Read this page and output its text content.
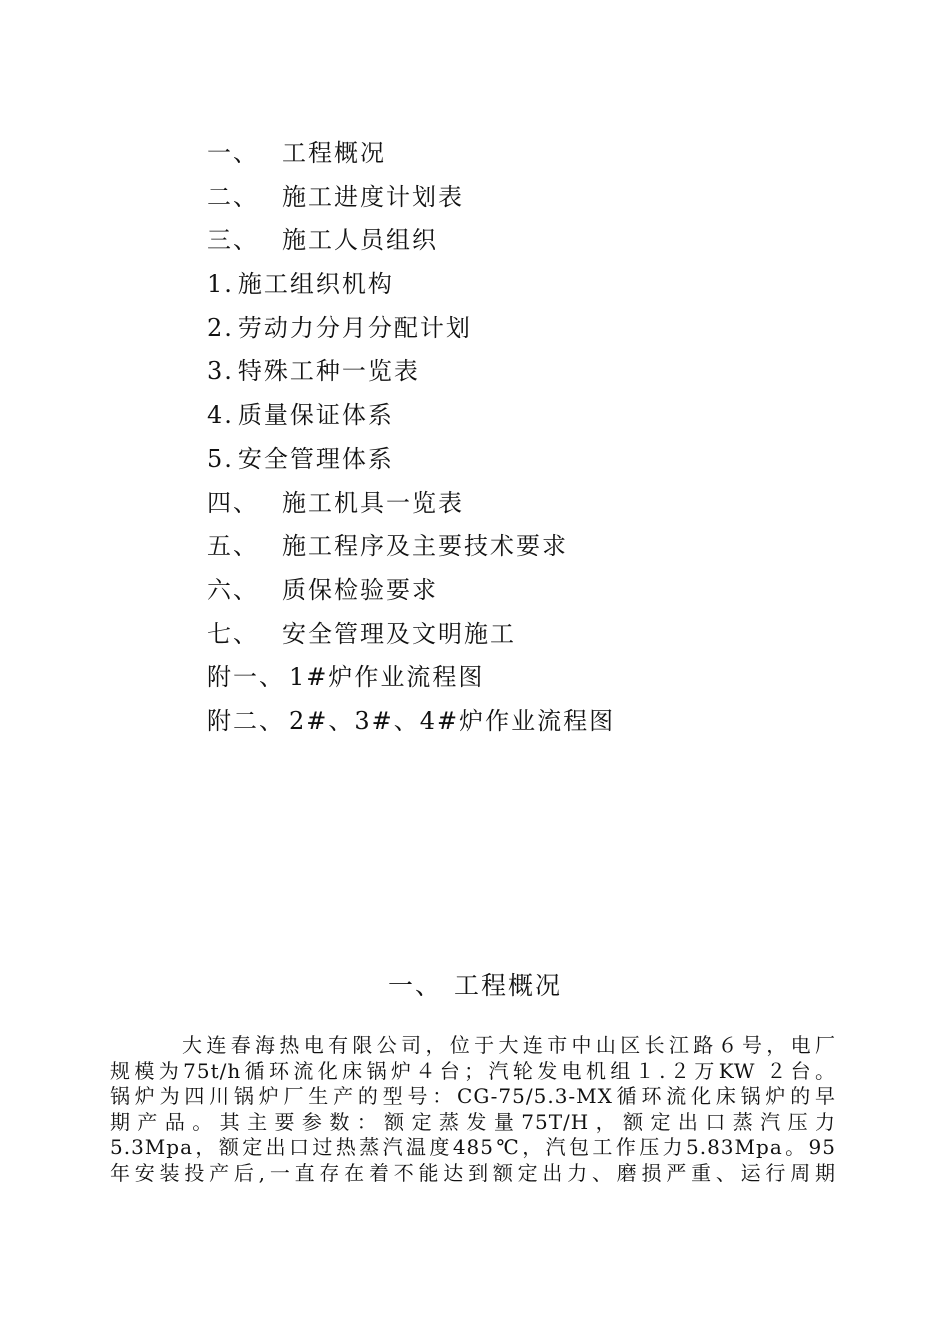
一、 工程概况
二、 施工进度计划表
三、 施工人员组织
1. 施工组织机构
2. 劳动力分月分配计划
3. 特殊工种一览表
4. 质量保证体系
5. 安全管理体系
四、 施工机具一览表
五、 施工程序及主要技术要求
六、 质保检验要求
七、 安全管理及文明施工
附一、 1#炉作业流程图
附二、 2#、3#、4#炉作业流程图
一、 工程概况
大连春海热电有限公司，位于大连市中山区长江路６号，电厂
规模为75t/h循环流化床锅炉４台；汽轮发电机组１.２万KW ２台。
锅炉为四川锅炉厂生产的型号：CG-75/5.3-MX循环流化床锅炉的早
期产品。其主要参数：额定蒸发量75T/H，额定出口蒸汽压力
5.3Mpa，额定出口过热蒸汽温度485℃，汽包工作压力5.83Mpa。95
年安装投产后,一直存在着不能达到额定出力、磨损严重、运行周期
